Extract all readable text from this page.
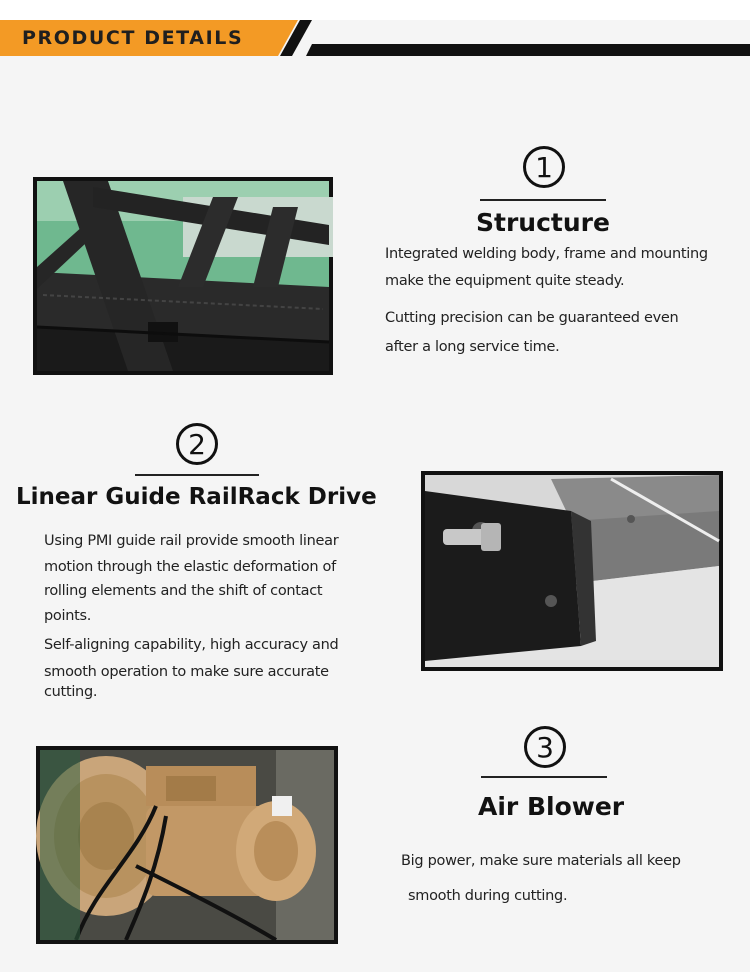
PRODUCT DETAILS
1
Structure
Integrated welding body, frame and mounting
make the equipment quite steady.
Cutting precision can be guaranteed even
after a long service time.
2
Linear Guide RailRack Drive
Using PMI guide rail provide smooth linear
motion through the elastic deformation of
rolling elements and the shift of contact
points.
Self-aligning capability, high accuracy and
smooth operation to make sure accurate
cutting.
3
Air Blower
Big power, make sure materials all keep
smooth during cutting.
